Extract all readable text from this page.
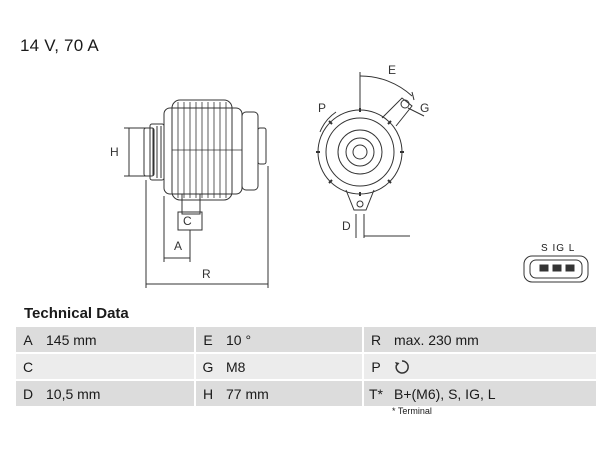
14 V, 70 A
H
C
A
R
E
P	G
D
S IG L
Technical Data
A	145 mm		E	10 °		R	max. 230 mm
C			G	M8		P	
D	10,5 mm		H	77 mm		T*	B+(M6), S, IG, L
* Terminal
